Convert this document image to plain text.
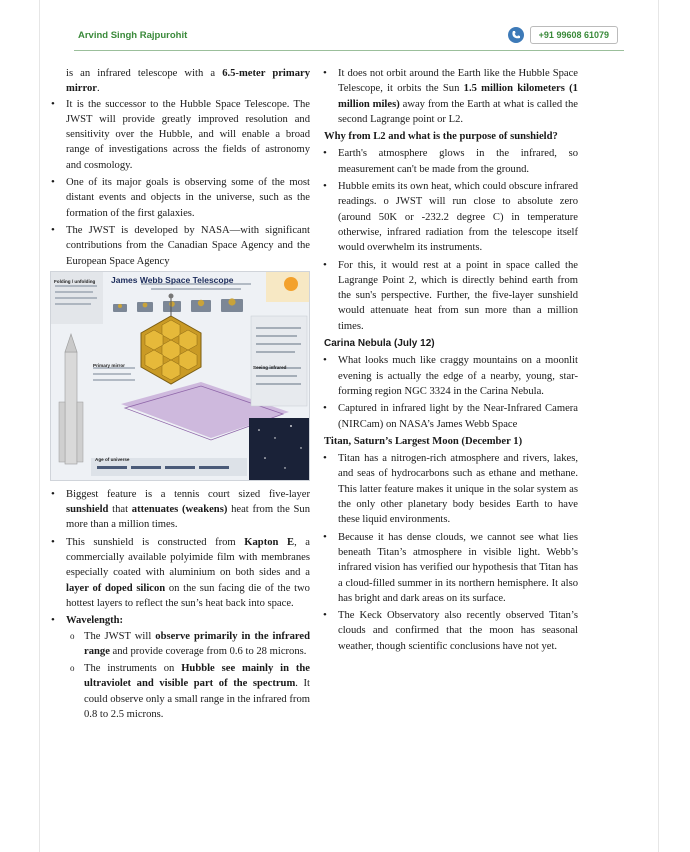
Arvind Singh Rajpurohit	+91 99608 61079
is an infrared telescope with a 6.5-meter primary mirror.
• It is the successor to the Hubble Space Telescope. The JWST will provide greatly improved resolution and sensitivity over the Hubble, and will enable a broad range of investigations across the fields of astronomy and cosmology.
• One of its major goals is observing some of the most distant events and objects in the universe, such as the formation of the first galaxies.
• The JWST is developed by NASA—with significant contributions from the Canadian Space Agency and the European Space Agency
James Webb Space Telescope
Folding / unfolding
Primary mirror
Age of universe
Seeing infrared
• Biggest feature is a tennis court sized five-layer sunshield that attenuates (weakens) heat from the Sun more than a million times.
• This sunshield is constructed from Kapton E, a commercially available polyimide film with membranes especially coated with aluminium on both sides and a layer of doped silicon on the sun facing die of the two hottest layers to reflect the sun’s heat back into space.
• Wavelength:
o The JWST will observe primarily in the infrared range and provide coverage from 0.6 to 28 microns.
o The instruments on Hubble see mainly in the ultraviolet and visible part of the spectrum. It could observe only a small range in the infrared from 0.8 to 2.5 microns.
• It does not orbit around the Earth like the Hubble Space Telescope, it orbits the Sun 1.5 million kilometers (1 million miles) away from the Earth at what is called the second Lagrange point or L2.
Why from L2 and what is the purpose of sunshield?
• Earth's atmosphere glows in the infrared, so measurement can't be made from the ground.
• Hubble emits its own heat, which could obscure infrared readings. o JWST will run close to absolute zero (around 50K or -232.2 degree C) in temperature otherwise, infrared radiation from the telescope itself would overwhelm its instruments.
• For this, it would rest at a point in space called the Lagrange Point 2, which is directly behind earth from the sun's perspective. Further, the five-layer sunshield would attenuate heat from sun more than a million times.
Carina Nebula (July 12)
• What looks much like craggy mountains on a moonlit evening is actually the edge of a nearby, young, star-forming region NGC 3324 in the Carina Nebula.
• Captured in infrared light by the Near-Infrared Camera (NIRCam) on NASA’s James Webb Space
Titan, Saturn’s Largest Moon (December 1)
• Titan has a nitrogen-rich atmosphere and rivers, lakes, and seas of hydrocarbons such as ethane and methane. This latter feature makes it unique in the solar system as the only other planetary body besides Earth to have these liquid environments.
• Because it has dense clouds, we cannot see what lies beneath Titan’s atmosphere in visible light. Webb’s infrared vision has verified our hypothesis that Titan has a cloud-filled summer in its northern hemisphere. It also has bright and dark areas on its surface.
• The Keck Observatory also recently observed Titan’s clouds and confirmed that the moon has seasonal weather, though scientific conclusions have not yet.
